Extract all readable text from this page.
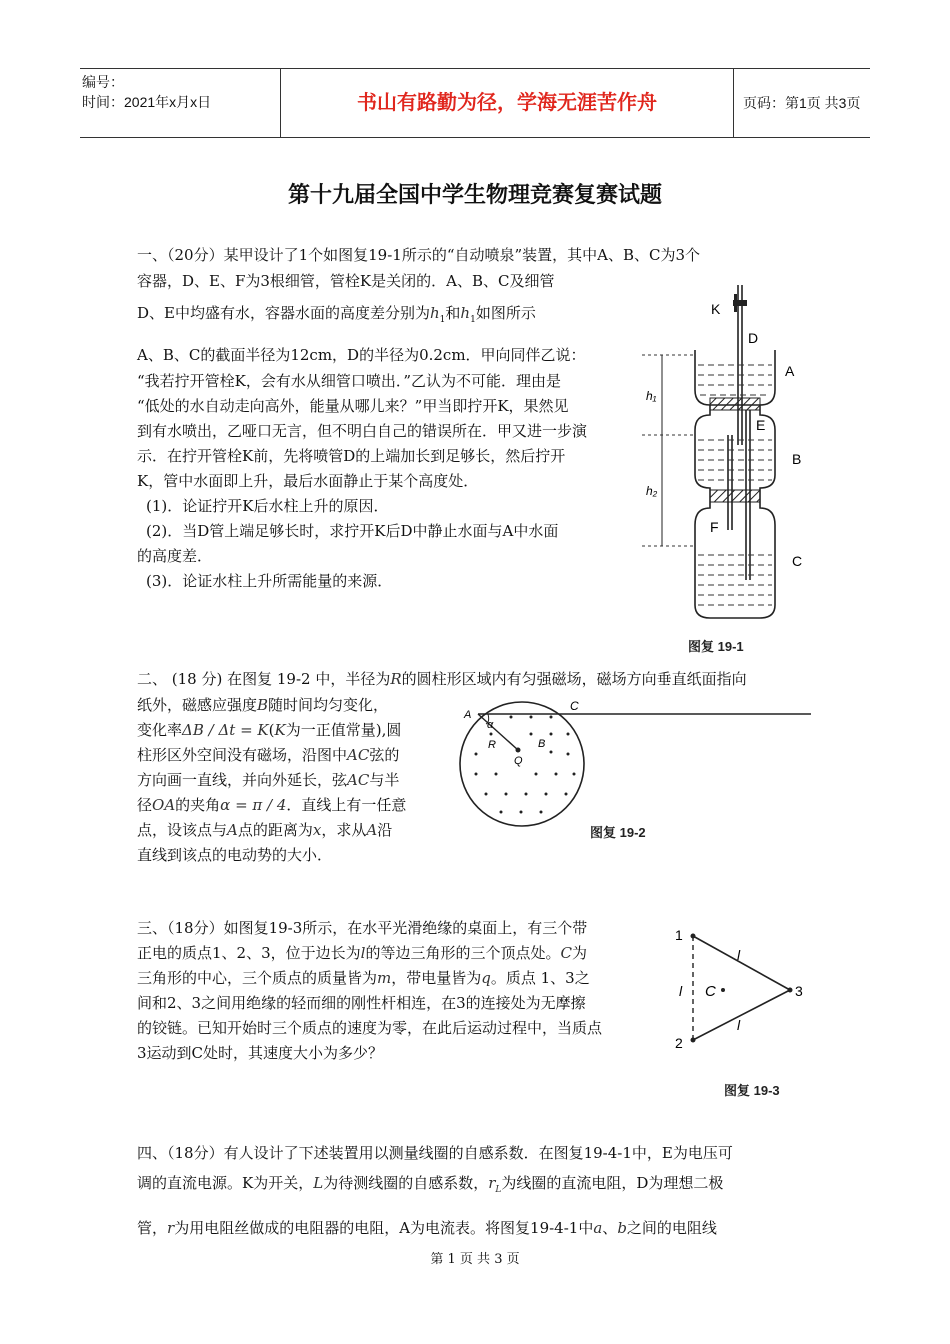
编号：
时间：2021年x月x日	书山有路勤为径，学海无涯苦作舟	页码：第1页 共3页
第十九届全国中学生物理竞赛复赛试题
一、（20分）某甲设计了1个如图复19-1所示的“自动喷泉”装置，其中A、B、C为3个
容器，D、E、F为3根细管，管栓K是关闭的．A、B、C及细管
D、E中均盛有水，容器水面的高度差分别为$h_1$和$h_1$如图所示
A、B、C的截面半径为12cm，D的半径为0.2cm．甲向同伴乙说：
“我若拧开管栓K，会有水从细管口喷出．”乙认为不可能．理由是
“低处的水自动走向高外，能量从哪儿来？”甲当即拧开K，果然见
到有水喷出，乙哑口无言，但不明白自己的错误所在．甲又进一步演
示．在拧开管栓K前，先将喷管D的上端加长到足够长，然后拧开
K，管中水面即上升，最后水面静止于某个高度处．
(1)．论证拧开K后水柱上升的原因．
(2)．当D管上端足够长时，求拧开K后D中静止水面与A中水面
的高度差．
(3)．论证水柱上升所需能量的来源．
K
D
A
E
B
F
C
h₁
h₂
图复 19-1
二、 (18 分) 在图复 19-2 中，半径为R的圆柱形区域内有匀强磁场，磁场方向垂直纸面指向
纸外，磁感应强度B随时间均匀变化，
变化率ΔB / Δt = K(K为一正值常量),圆
柱形区外空间没有磁场，沿图中AC弦的
方向画一直线，并向外延长，弦AC与半
径OA的夹角α = π / 4．直线上有一任意
点，设该点与A点的距离为x，求从A沿
直线到该点的电动势的大小．
A
C
α
R	B
Q
图复 19-2
三、（18分）如图复19-3所示，在水平光滑绝缘的桌面上，有三个带
正电的质点1、2、3，位于边长为l的等边三角形的三个顶点处。C为
三角形的中心，三个质点的质量皆为m，带电量皆为q。质点 1、3之
间和2、3之间用绝缘的轻而细的刚性杆相连，在3的连接处为无摩擦
的铰链。已知开始时三个质点的速度为零，在此后运动过程中，当质点
3运动到C处时，其速度大小为多少？
1
2
3
l
l
l C
图复 19-3
四、（18分）有人设计了下述装置用以测量线圈的自感系数．在图复19-4-1中，E为电压可
调的直流电源。K为开关，L为待测线圈的自感系数，$r_L$为线圈的直流电阻，D为理想二极
管，r为用电阻丝做成的电阻器的电阻，A为电流表。将图复19-4-1中a、b之间的电阻线
第 1 页 共 3 页
